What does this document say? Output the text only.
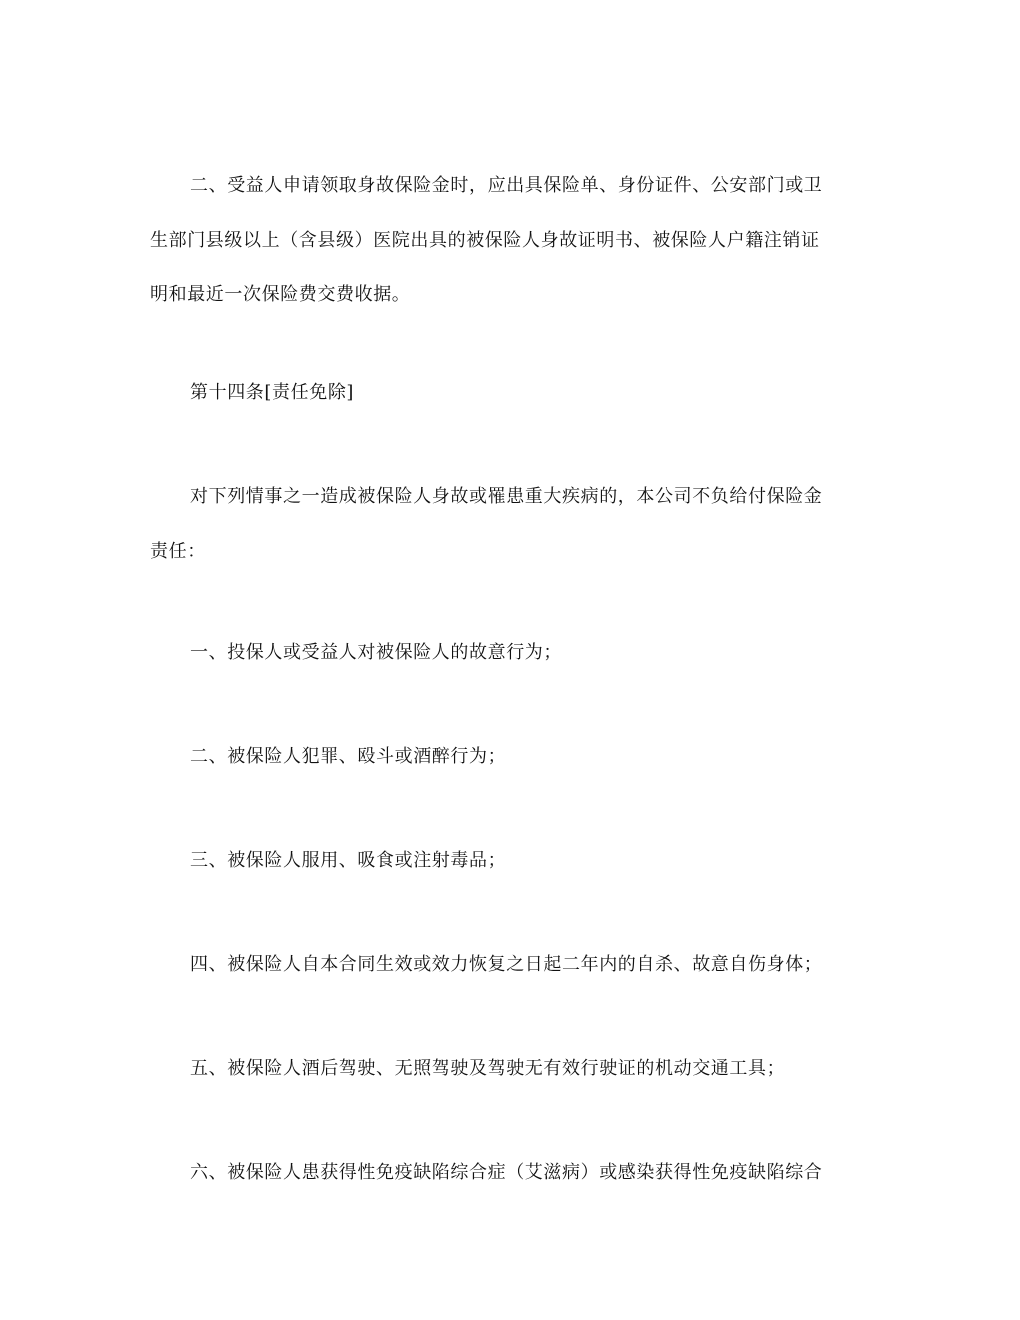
二、受益人申请领取身故保险金时，应出具保险单、身份证件、公安部门或卫
生部门县级以上（含县级）医院出具的被保险人身故证明书、被保险人户籍注销证
明和最近一次保险费交费收据。
第十四条[责任免除]
对下列情事之一造成被保险人身故或罹患重大疾病的，本公司不负给付保险金
责任：
一、投保人或受益人对被保险人的故意行为；
二、被保险人犯罪、殴斗或酒醉行为；
三、被保险人服用、吸食或注射毒品；
四、被保险人自本合同生效或效力恢复之日起二年内的自杀、故意自伤身体；
五、被保险人酒后驾驶、无照驾驶及驾驶无有效行驶证的机动交通工具；
六、被保险人患获得性免疫缺陷综合症（艾滋病）或感染获得性免疫缺陷综合
